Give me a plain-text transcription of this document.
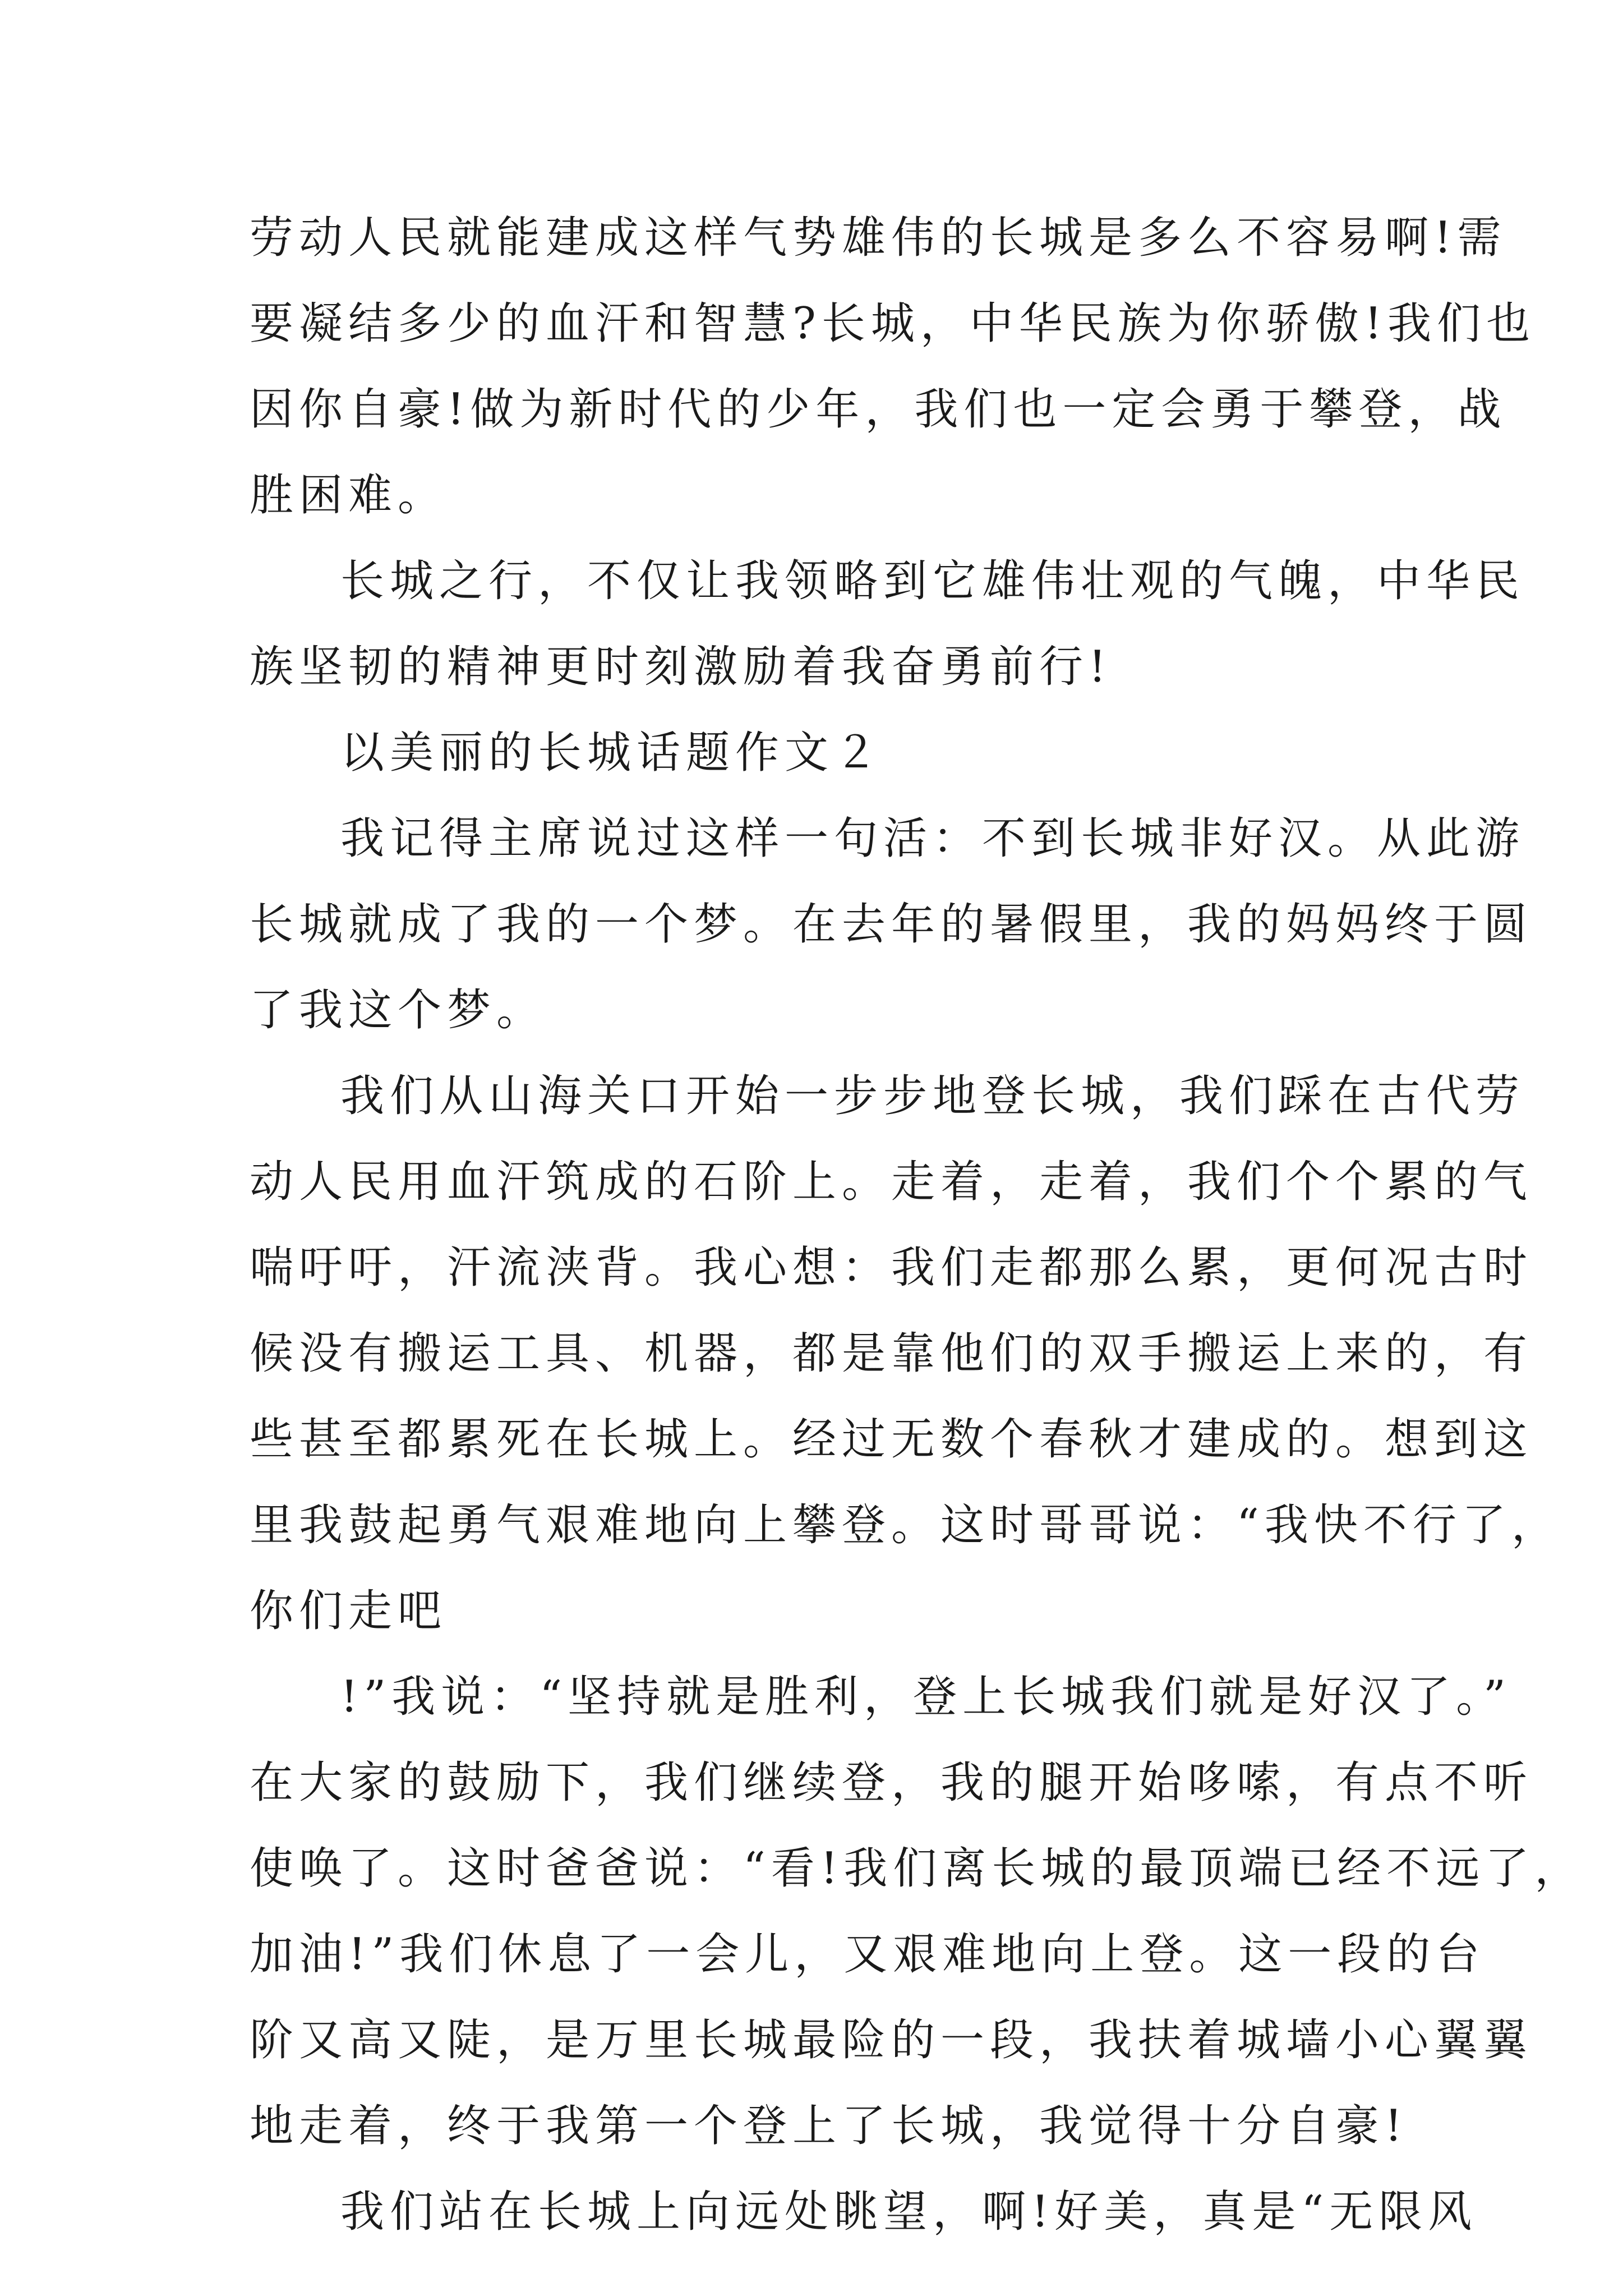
劳动人民就能建成这样气势雄伟的长城是多么不容易啊!需
要凝结多少的血汗和智慧?长城，中华民族为你骄傲!我们也
因你自豪!做为新时代的少年，我们也一定会勇于攀登，战
胜困难。
长城之行，不仅让我领略到它雄伟壮观的气魄，中华民
族坚韧的精神更时刻激励着我奋勇前行!
以美丽的长城话题作文２
我记得主席说过这样一句活：不到长城非好汉。从此游
长城就成了我的一个梦。在去年的暑假里，我的妈妈终于圆
了我这个梦。
我们从山海关口开始一步步地登长城，我们踩在古代劳
动人民用血汗筑成的石阶上。走着，走着，我们个个累的气
喘吁吁，汗流浃背。我心想：我们走都那么累，更何况古时
候没有搬运工具、机器，都是靠他们的双手搬运上来的，有
些甚至都累死在长城上。经过无数个春秋才建成的。想到这
里我鼓起勇气艰难地向上攀登。这时哥哥说：“我快不行了，
你们走吧
!”我说：“坚持就是胜利，登上长城我们就是好汉了。”
在大家的鼓励下，我们继续登，我的腿开始哆嗦，有点不听
使唤了。这时爸爸说：“看!我们离长城的最顶端已经不远了，
加油!”我们休息了一会儿，又艰难地向上登。这一段的台
阶又高又陡，是万里长城最险的一段，我扶着城墙小心翼翼
地走着，终于我第一个登上了长城，我觉得十分自豪!
我们站在长城上向远处眺望，啊!好美，真是“无限风
